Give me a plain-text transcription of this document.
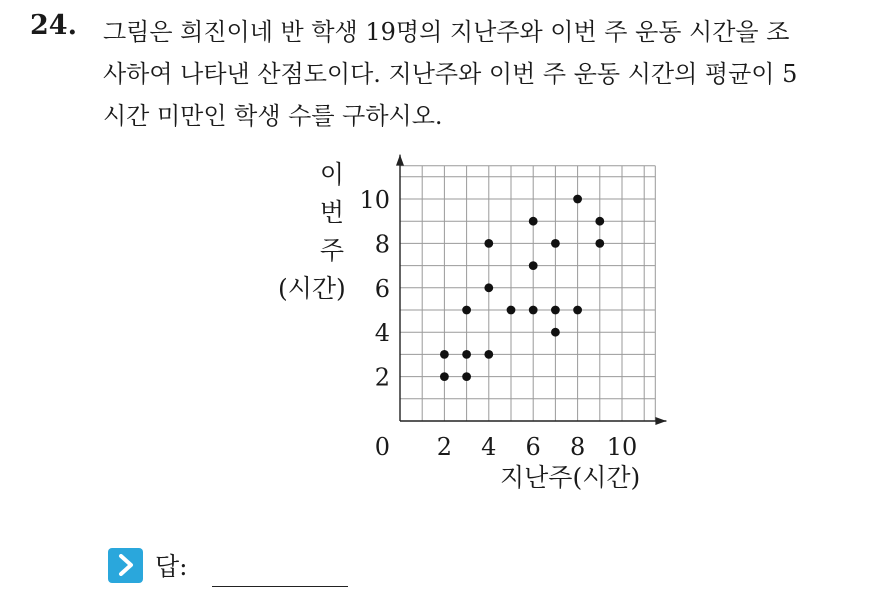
24. 그림은 희진이네 반 학생 19명의 지난주와 이번 주 운동 시간을 조
사하여 나타낸 산점도이다. 지난주와 이번 주 운동 시간의 평균이 5
시간 미만인 학생 수를 구하시오.
2 4 6 8 10
2
4
6
8
10
0
이
번
주
(시간)
지난주(시간)
답:
